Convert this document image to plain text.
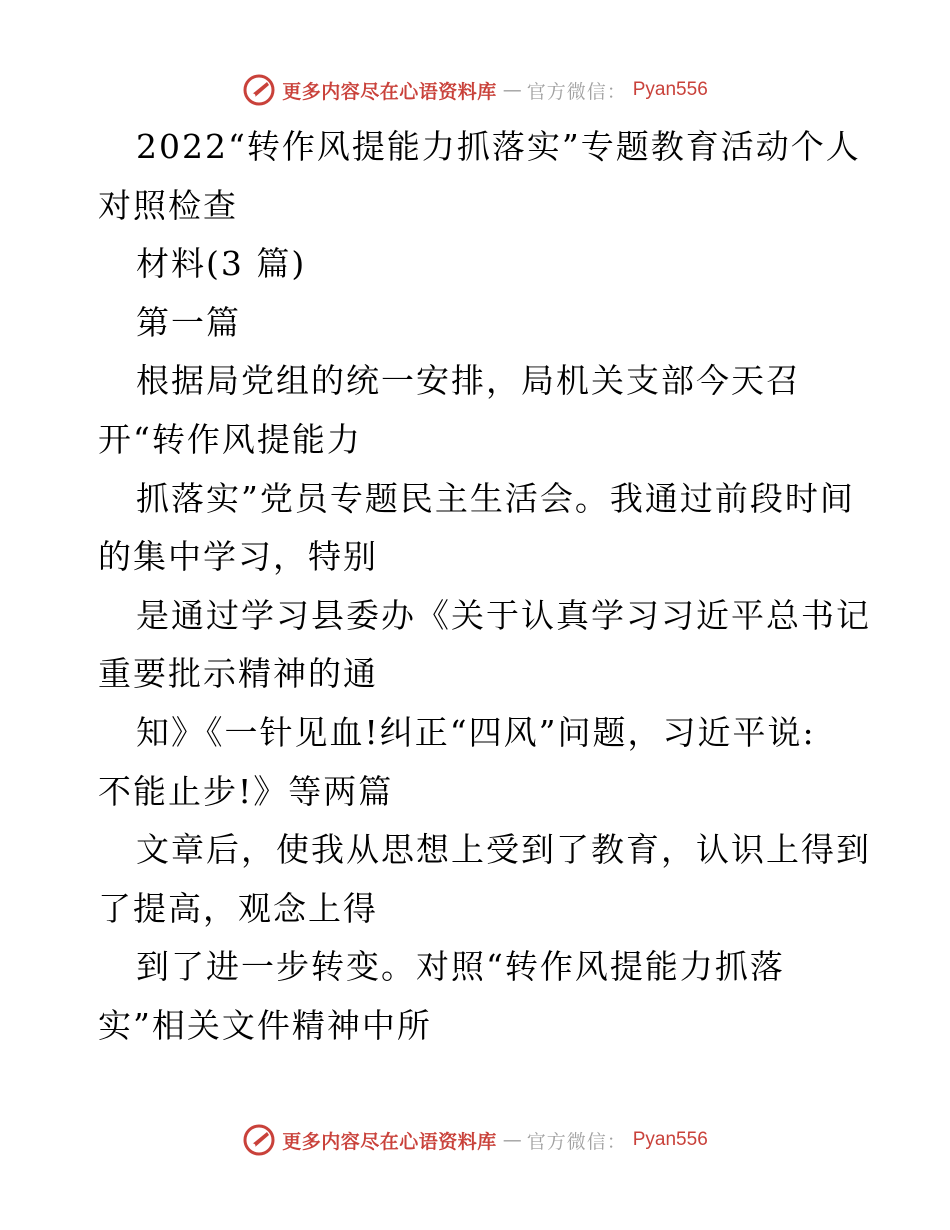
更多内容尽在心语资料库 — 官方微信： Pyan556

2022“转作风提能力抓落实”专题教育活动个人

对照检查

材料(3 篇)

第一篇

根据局党组的统一安排，局机关支部今天召

开“转作风提能力

抓落实”党员专题民主生活会。我通过前段时间

的集中学习，特别

是通过学习县委办《关于认真学习习近平总书记

重要批示精神的通

知》《一针见血!纠正“四风”问题，习近平说:

不能止步!》等两篇

文章后，使我从思想上受到了教育，认识上得到

了提高，观念上得

到了进一步转变。对照“转作风提能力抓落

实”相关文件精神中所

更多内容尽在心语资料库 — 官方微信： Pyan556
